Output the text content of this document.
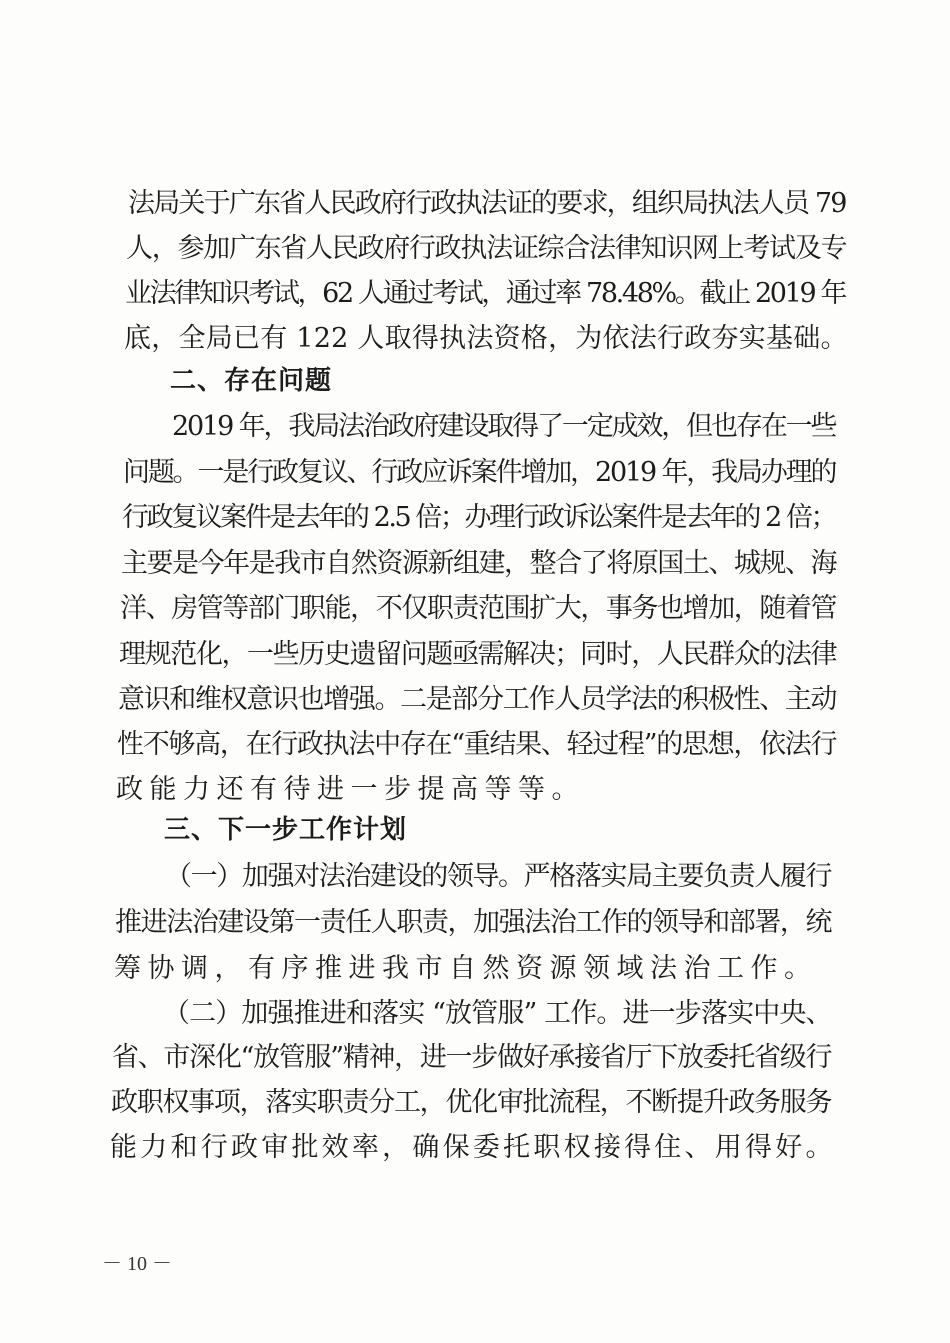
法局关于广东省人民政府行政执法证的要求，组织局执法人员 79
人，参加广东省人民政府行政执法证综合法律知识网上考试及专
业法律知识考试，62 人通过考试，通过率 78.48%。截止 2019 年
底，全局已有 122 人取得执法资格，为依法行政夯实基础。
二、存在问题
2019 年，我局法治政府建设取得了一定成效，但也存在一些
问题。一是行政复议、行政应诉案件增加，2019 年，我局办理的
行政复议案件是去年的 2.5 倍；办理行政诉讼案件是去年的 2 倍；
主要是今年是我市自然资源新组建，整合了将原国土、城规、海
洋、房管等部门职能，不仅职责范围扩大，事务也增加，随着管
理规范化，一些历史遗留问题亟需解决；同时，人民群众的法律
意识和维权意识也增强。二是部分工作人员学法的积极性、主动
性不够高，在行政执法中存在“重结果、轻过程”的思想，依法行
政能力还有待进一步提高等等。
三、下一步工作计划
（一）加强对法治建设的领导。严格落实局主要负责人履行
推进法治建设第一责任人职责，加强法治工作的领导和部署，统
筹协调，有序推进我市自然资源领域法治工作。
（二）加强推进和落实 “放管服” 工作。进一步落实中央、
省、市深化“放管服”精神，进一步做好承接省厅下放委托省级行
政职权事项，落实职责分工，优化审批流程，不断提升政务服务
能力和行政审批效率，确保委托职权接得住、用得好。
－ 10 －
